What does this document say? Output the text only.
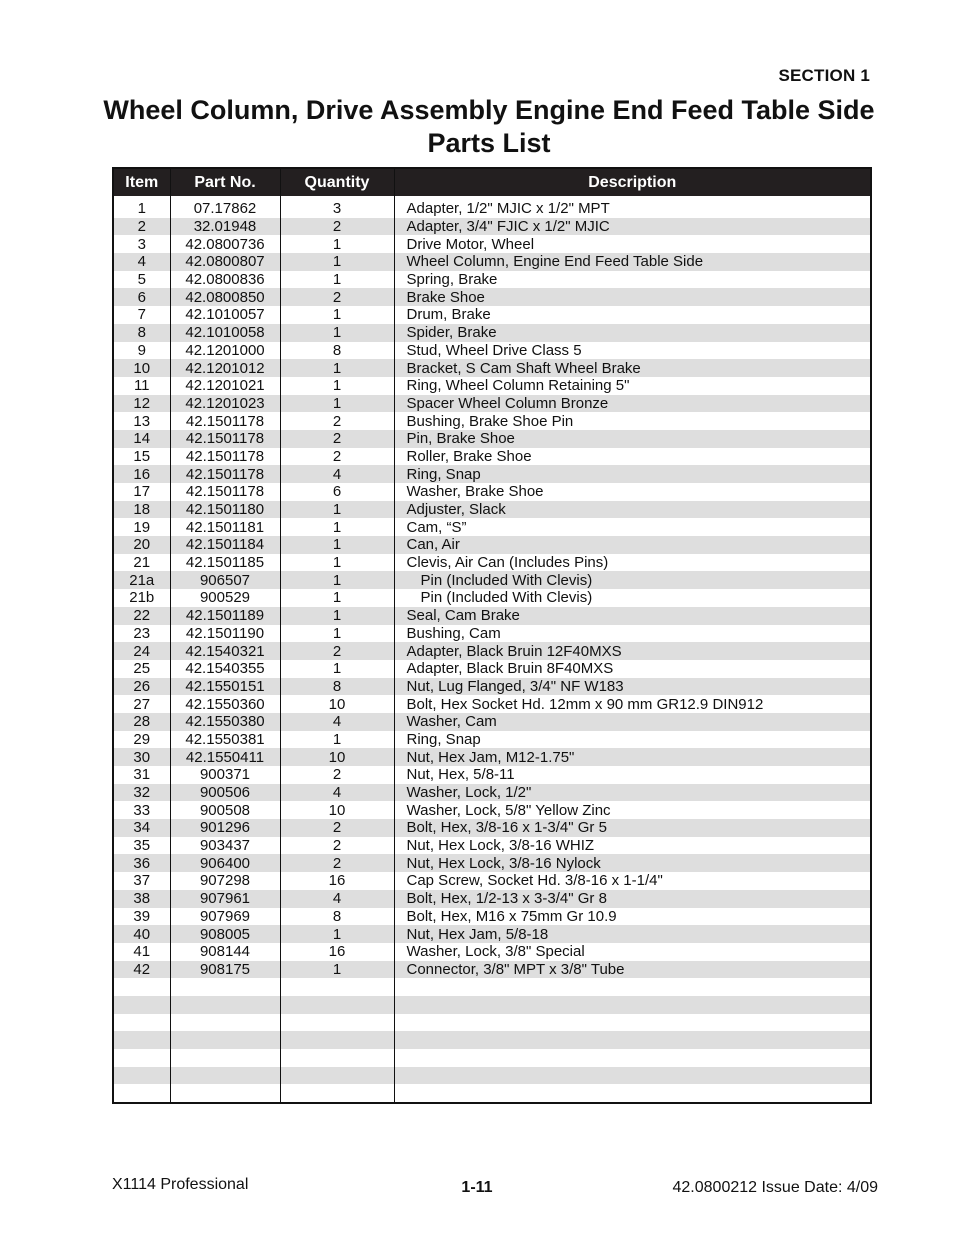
SECTION 1
Wheel Column, Drive Assembly Engine End Feed Table Side Parts List
Item	Part No.	Quantity	Description

1	07.17862	3	Adapter, 1/2" MJIC x 1/2" MPT
2	32.01948	2	Adapter, 3/4" FJIC x 1/2" MJIC
3	42.0800736	1	Drive Motor, Wheel
4	42.0800807	1	Wheel Column, Engine End Feed Table Side
5	42.0800836	1	Spring, Brake
6	42.0800850	2	Brake Shoe
7	42.1010057	1	Drum, Brake
8	42.1010058	1	Spider, Brake
9	42.1201000	8	Stud, Wheel Drive Class 5
10	42.1201012	1	Bracket, S Cam Shaft Wheel Brake
11	42.1201021	1	Ring, Wheel Column Retaining 5"
12	42.1201023	1	Spacer Wheel Column Bronze
13	42.1501178	2	Bushing, Brake Shoe Pin
14	42.1501178	2	Pin, Brake Shoe
15	42.1501178	2	Roller, Brake Shoe
16	42.1501178	4	Ring, Snap
17	42.1501178	6	Washer, Brake Shoe
18	42.1501180	1	Adjuster, Slack
19	42.1501181	1	Cam, “S”
20	42.1501184	1	Can, Air
21	42.1501185	1	Clevis, Air Can (Includes Pins)
21a	906507	1	Pin (Included With Clevis)
21b	900529	1	Pin (Included With Clevis)
22	42.1501189	1	Seal, Cam Brake
23	42.1501190	1	Bushing, Cam
24	42.1540321	2	Adapter, Black Bruin 12F40MXS
25	42.1540355	1	Adapter, Black Bruin 8F40MXS
26	42.1550151	8	Nut, Lug Flanged, 3/4" NF W183
27	42.1550360	10	Bolt, Hex Socket Hd. 12mm x 90 mm GR12.9 DIN912
28	42.1550380	4	Washer, Cam
29	42.1550381	1	Ring, Snap
30	42.1550411	10	Nut, Hex Jam, M12-1.75"
31	900371	2	Nut, Hex, 5/8-11
32	900506	4	Washer, Lock, 1/2"
33	900508	10	Washer, Lock, 5/8" Yellow Zinc
34	901296	2	Bolt, Hex, 3/8-16 x 1-3/4" Gr 5
35	903437	2	Nut, Hex Lock, 3/8-16 WHIZ
36	906400	2	Nut, Hex Lock, 3/8-16 Nylock
37	907298	16	Cap Screw, Socket Hd. 3/8-16 x 1-1/4"
38	907961	4	Bolt, Hex, 1/2-13 x 3-3/4" Gr 8
39	907969	8	Bolt, Hex, M16 x 75mm Gr 10.9
40	908005	1	Nut, Hex Jam, 5/8-18
41	908144	16	Washer, Lock, 3/8" Special
42	908175	1	Connector, 3/8" MPT x 3/8" Tube

X1114 Professional	1-11	42.0800212 Issue Date: 4/09
